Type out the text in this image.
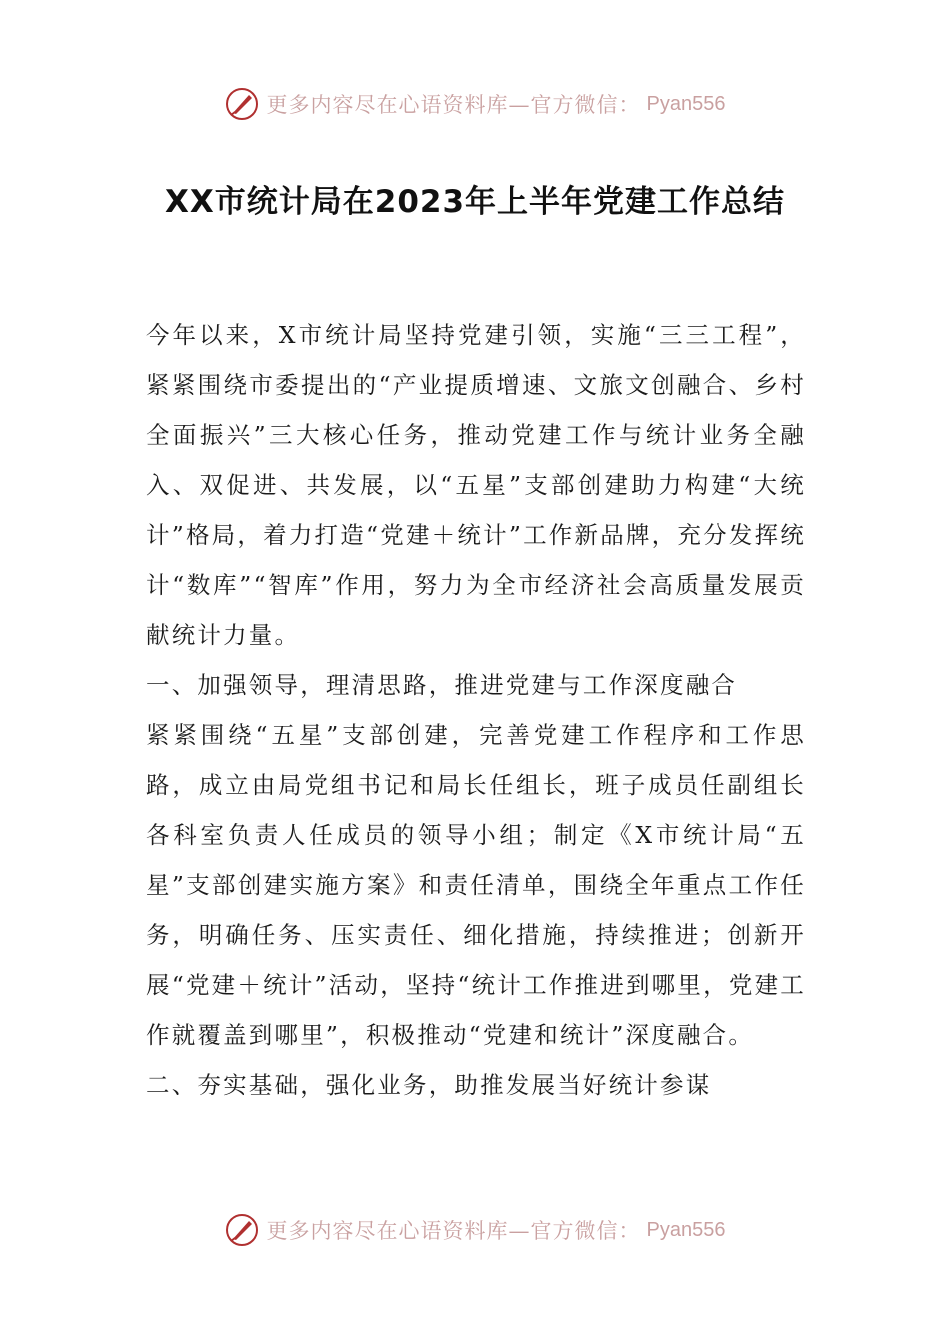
更多内容尽在心语资料库—官方微信： Pyan556
XX市统计局在2023年上半年党建工作总结

今年以来，X市统计局坚持党建引领，实施“三三工程”，紧紧围绕市委提出的“产业提质增速、文旅文创融合、乡村全面振兴”三大核心任务，推动党建工作与统计业务全融入、双促进、共发展，以“五星”支部创建助力构建“大统计”格局，着力打造“党建＋统计”工作新品牌，充分发挥统计“数库”“智库”作用，努力为全市经济社会高质量发展贡献统计力量。

一、加强领导，理清思路，推进党建与工作深度融合

紧紧围绕“五星”支部创建，完善党建工作程序和工作思路，成立由局党组书记和局长任组长，班子成员任副组长各科室负责人任成员的领导小组；制定《X市统计局“五星”支部创建实施方案》和责任清单，围绕全年重点工作任务，明确任务、压实责任、细化措施，持续推进；创新开展“党建＋统计”活动，坚持“统计工作推进到哪里，党建工作就覆盖到哪里”，积极推动“党建和统计”深度融合。

二、夯实基础，强化业务，助推发展当好统计参谋

更多内容尽在心语资料库—官方微信： Pyan556
